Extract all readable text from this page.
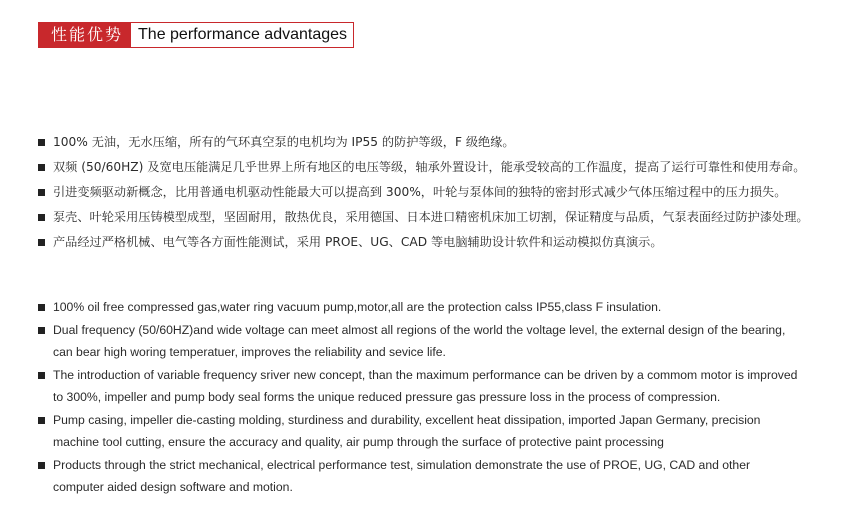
性能优势 The performance advantages
100% 无油，无水压缩，所有的气环真空泵的电机均为 IP55 的防护等级，F 级绝缘。
双频 (50/60HZ) 及宽电压能满足几乎世界上所有地区的电压等级，轴承外置设计，能承受较高的工作温度，提高了运行可靠性和使用寿命。
引进变频驱动新概念，比用普通电机驱动性能最大可以提高到 300%，叶轮与泵体间的独特的密封形式减少气体压缩过程中的压力损失。
泵壳、叶轮采用压铸模型成型，坚固耐用，散热优良，采用德国、日本进口精密机床加工切割，保证精度与品质，气泵表面经过防护漆处理。
产品经过严格机械、电气等各方面性能测试，采用 PROE、UG、CAD 等电脑辅助设计软件和运动模拟仿真演示。
100% oil free compressed gas,water ring vacuum pump,motor,all are the protection calss IP55,class F insulation.
Dual frequency (50/60HZ)and wide voltage can meet almost all regions of the world the voltage level, the external design of the bearing,
can bear high woring temperatuer, improves the reliability and sevice life.
The introduction of variable frequency sriver new concept, than the maximum performance can be driven by a commom motor is improved
to 300%, impeller and pump body seal forms the unique reduced pressure gas pressure loss in the process of compression.
Pump casing, impeller die-casting molding, sturdiness and durability, excellent heat dissipation, imported Japan Germany, precision
machine tool cutting, ensure the accuracy and quality, air pump through the surface of protective paint processing
Products through the strict mechanical, electrical performance test, simulation demonstrate the use of PROE, UG, CAD and other
computer aided design software and motion.
